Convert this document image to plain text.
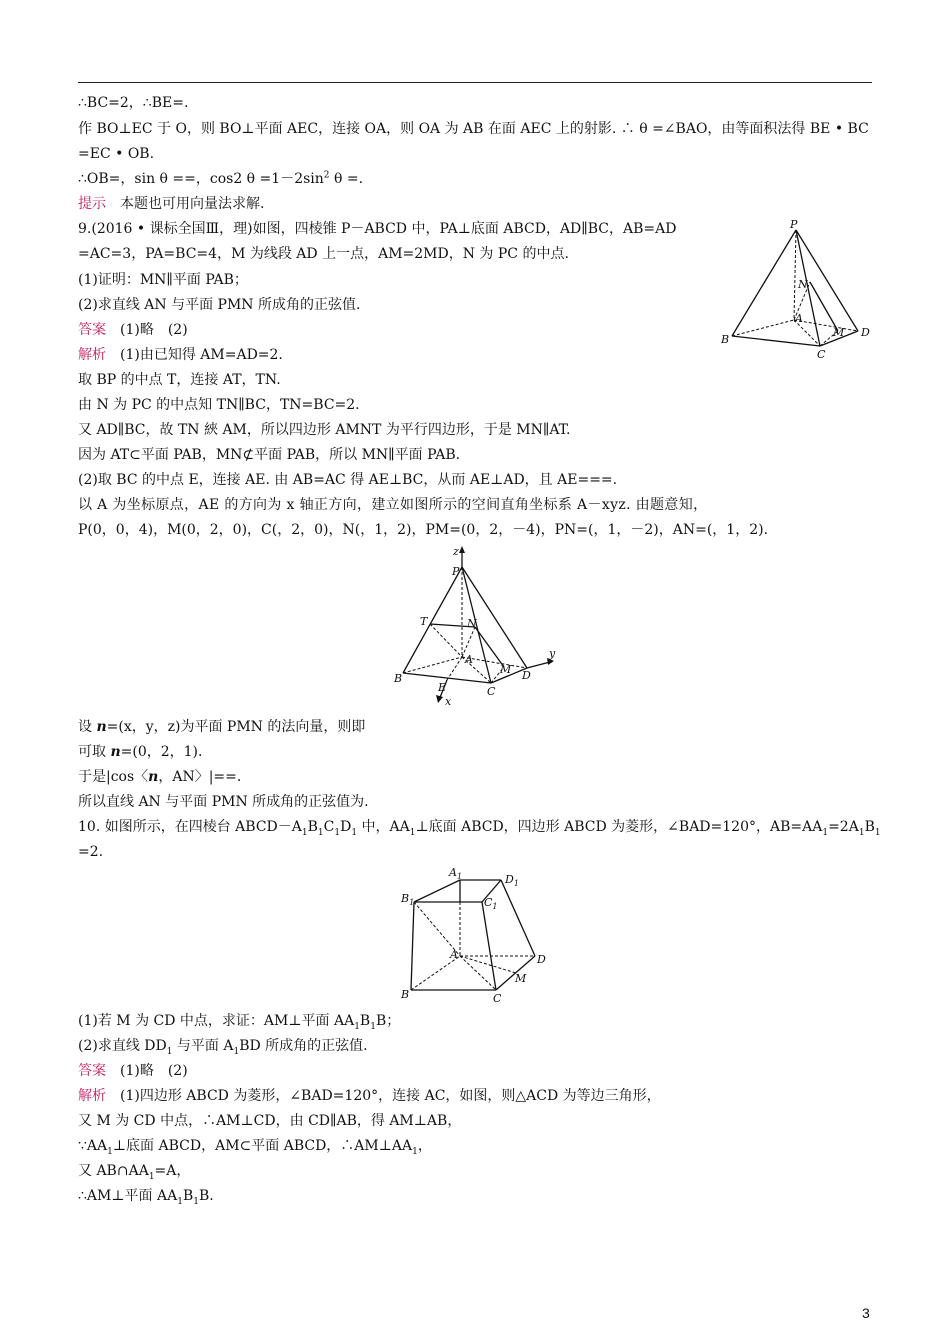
∴BC=2，∴BE=.
作 BO⊥EC 于 O，则 BO⊥平面 AEC，连接 OA，则 OA 为 AB 在面 AEC 上的射影. ∴ θ =∠BAO，由等面积法得 BE • BC
=EC • OB.
∴OB=，sin θ ==，cos2 $\theta =1-2\sin^2$ θ =.
提示　 本题也可用向量法求解.
9.(2016 • 课标全国Ⅲ，理)如图，四棱锥 P－ABCD 中，PA⊥底面 ABCD，AD∥BC，AB=AD
=AC=3，PA=BC=4，M 为线段 AD 上一点，AM=2MD，N 为 PC 的中点.
(1)证明：MN∥平面 PAB；
(2)求直线 AN 与平面 PMN 所成角的正弦值.
答案　 (1)略　(2)
解析　 (1)由已知得 AM=AD=2.
取 BP 的中点 T，连接 AT，TN.
由 N 为 PC 的中点知 TN∥BC，TN=BC=2.
又 AD∥BC，故 TN 綊 AM，所以四边形 AMNT 为平行四边形，于是 MN∥AT.
因为 AT⊂平面 PAB，MN⊄平面 PAB，所以 MN∥平面 PAB.
(2)取 BC 的中点 E，连接 AE. 由 AB=AC 得 AE⊥BC，从而 AE⊥AD，且 AE===.
以 A 为坐标原点，AE 的方向为 x 轴正方向，建立如图所示的空间直角坐标系 A－xyz. 由题意知，
P(0，0，4)，M(0，2，0)，C(，2，0)，N(，1，2)，PM=(0，2，－4)，PN=(，1，－2)，AN=(，1，2).
P
N
A
M D
B
C
z
P
T	N
A
M D
y
B
E	C
x
设 n=(x，y，z)为平面 PMN 的法向量，则即
可取 n=(0，2，1).
于是|cos〈n，AN〉|==.
所以直线 AN 与平面 PMN 所成角的正弦值为.
10. 如图所示，在四棱台 $ABCD-A_1B_1C_1D_1$ 中，$AA_1\perp$底面 ABCD，四边形 ABCD 为菱形，∠BAD=120°，$AB=AA_1=2A_1B_1$
=2.
$A_1$	$D_1$
$B_1$	$C_1$
A	D
B	C
M
(1)若 M 为 CD 中点，求证：AM⊥平面 $AA_1B_1B$；
(2)求直线 $DD_1$ 与平面 $A_1BD$ 所成角的正弦值.
答案　 (1)略　(2)
解析　 (1)四边形 ABCD 为菱形，∠BAD=120°，连接 AC，如图，则△ACD 为等边三角形，
又 M 为 CD 中点，∴AM⊥CD，由 CD∥AB，得 AM⊥AB，
$\because AA_1\perp$底面 ABCD，AM⊂平面 ABCD，$\therefore AM\perp AA_1$，
又 $AB\cap AA_1=A$，
∴AM⊥平面 $AA_1B_1B$.
3
